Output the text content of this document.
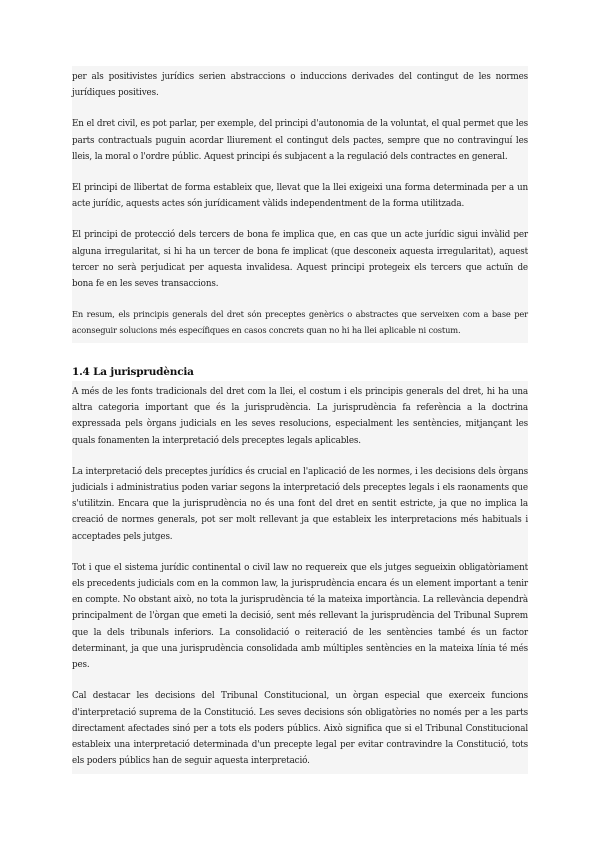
per als positivistes jurídics serien abstraccions o induccions derivades del contingut de les normes jurídiques positives.

En el dret civil, es pot parlar, per exemple, del principi d'autonomia de la voluntat, el qual permet que les parts contractuals puguin acordar lliurement el contingut dels pactes, sempre que no contravinguí les lleis, la moral o l'ordre públic. Aquest principi és subjacent a la regulació dels contractes en general.

El principi de llibertat de forma estableix que, llevat que la llei exigeixi una forma determinada per a un acte jurídic, aquests actes són jurídicament vàlids independentment de la forma utilitzada.

El principi de protecció dels tercers de bona fe implica que, en cas que un acte jurídic sigui invàlid per alguna irregularitat, si hi ha un tercer de bona fe implicat (que desconeix aquesta irregularitat), aquest tercer no serà perjudicat per aquesta invalidesa. Aquest principi protegeix els tercers que actuïn de bona fe en les seves transaccions.

En resum, els principis generals del dret són preceptes genèrics o abstractes que serveixen com a base per aconseguir solucions més específiques en casos concrets quan no hi ha llei aplicable ni costum.

1.4 La jurisprudència

A més de les fonts tradicionals del dret com la llei, el costum i els principis generals del dret, hi ha una altra categoria important que és la jurisprudència. La jurisprudència fa referència a la doctrina expressada pels òrgans judicials en les seves resolucions, especialment les sentències, mitjançant les quals fonamenten la interpretació dels preceptes legals aplicables.

La interpretació dels preceptes jurídics és crucial en l'aplicació de les normes, i les decisions dels òrgans judicials i administratius poden variar segons la interpretació dels preceptes legals i els raonaments que s'utilitzin. Encara que la jurisprudència no és una font del dret en sentit estricte, ja que no implica la creació de normes generals, pot ser molt rellevant ja que estableix les interpretacions més habituals i acceptades pels jutges.

Tot i que el sistema jurídic continental o civil law no requereix que els jutges segueixin obligatòriament els precedents judicials com en la common law, la jurisprudència encara és un element important a tenir en compte. No obstant això, no tota la jurisprudència té la mateixa importància. La rellevància dependrà principalment de l'òrgan que emeti la decisió, sent més rellevant la jurisprudència del Tribunal Suprem que la dels tribunals inferiors. La consolidació o reiteració de les sentències també és un factor determinant, ja que una jurisprudència consolidada amb múltiples sentències en la mateixa línia té més pes.

Cal destacar les decisions del Tribunal Constitucional, un òrgan especial que exerceix funcions d'interpretació suprema de la Constitució. Les seves decisions són obligatòries no només per a les parts directament afectades sinó per a tots els poders públics. Això significa que si el Tribunal Constitucional estableix una interpretació determinada d'un precepte legal per evitar contravindre la Constitució, tots els poders públics han de seguir aquesta interpretació.
